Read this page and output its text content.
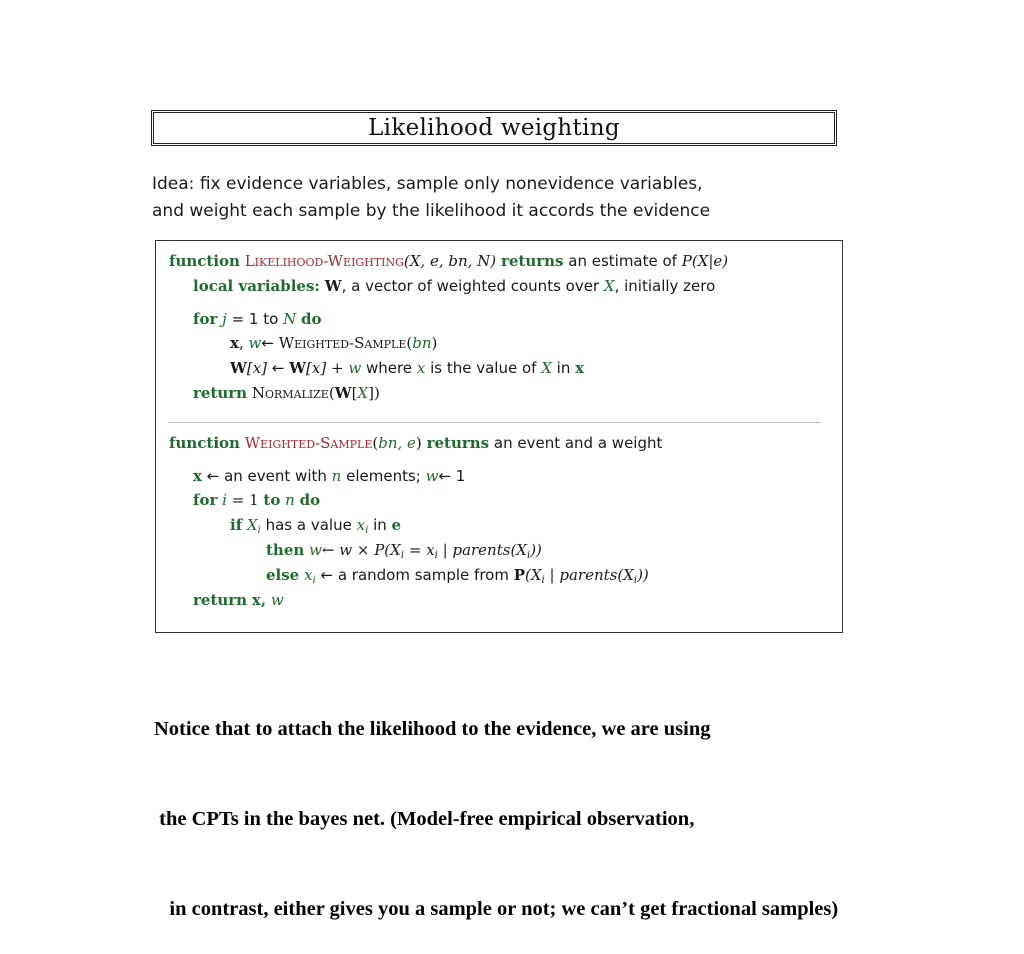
Likelihood weighting
Idea: fix evidence variables, sample only nonevidence variables,
and weight each sample by the likelihood it accords the evidence
function Likelihood-Weighting(X, e, bn, N) returns an estimate of P(X|e)
local variables: W, a vector of weighted counts over X, initially zero
for j = 1 to N do
x, w← Weighted-Sample(bn)
W[x] ← W[x] + w where x is the value of X in x
return Normalize(W[X])
function Weighted-Sample(bn, e) returns an event and a weight
x ← an event with n elements; w← 1
for i = 1 to n do
if $X_i$ has a value $x_i$ in e
then w← $w \times P(X_i = x_i$ | $parents(X_i)$)
else $x_i$ ← a random sample from $P(X_i$ | $parents(X_i)$)
return x, w

Notice that to attach the likelihood to the evidence, we are using

the CPTs in the bayes net. (Model-free empirical observation,

in contrast, either gives you a sample or not; we can’t get fractional samples)
